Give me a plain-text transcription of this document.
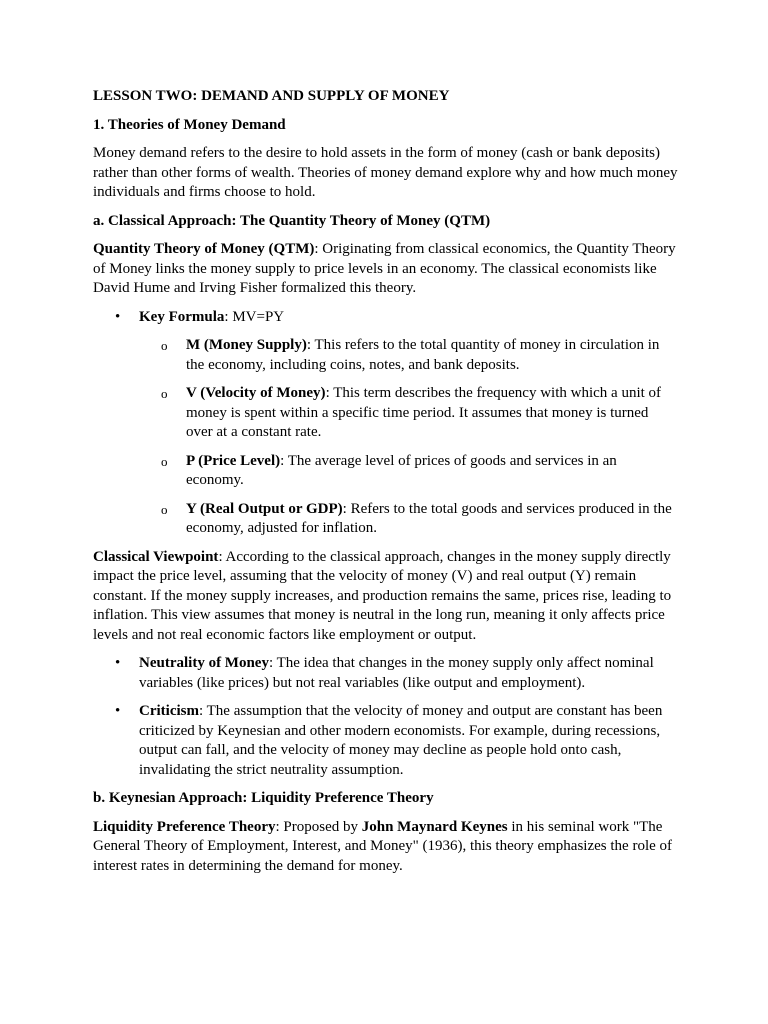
LESSON TWO: DEMAND AND SUPPLY OF MONEY
1. Theories of Money Demand

Money demand refers to the desire to hold assets in the form of money (cash or bank deposits) rather than other forms of wealth. Theories of money demand explore why and how much money individuals and firms choose to hold.

a. Classical Approach: The Quantity Theory of Money (QTM)

Quantity Theory of Money (QTM): Originating from classical economics, the Quantity Theory of Money links the money supply to price levels in an economy. The classical economists like David Hume and Irving Fisher formalized this theory.

• Key Formula: MV=PY
o M (Money Supply): This refers to the total quantity of money in circulation in the economy, including coins, notes, and bank deposits.
o V (Velocity of Money): This term describes the frequency with which a unit of money is spent within a specific time period. It assumes that money is turned over at a constant rate.
o P (Price Level): The average level of prices of goods and services in an economy.
o Y (Real Output or GDP): Refers to the total goods and services produced in the economy, adjusted for inflation.

Classical Viewpoint: According to the classical approach, changes in the money supply directly impact the price level, assuming that the velocity of money (V) and real output (Y) remain constant. If the money supply increases, and production remains the same, prices rise, leading to inflation. This view assumes that money is neutral in the long run, meaning it only affects price levels and not real economic factors like employment or output.

• Neutrality of Money: The idea that changes in the money supply only affect nominal variables (like prices) but not real variables (like output and employment).
• Criticism: The assumption that the velocity of money and output are constant has been criticized by Keynesian and other modern economists. For example, during recessions, output can fall, and the velocity of money may decline as people hold onto cash, invalidating the strict neutrality assumption.
b. Keynesian Approach: Liquidity Preference Theory

Liquidity Preference Theory: Proposed by John Maynard Keynes in his seminal work "The General Theory of Employment, Interest, and Money" (1936), this theory emphasizes the role of interest rates in determining the demand for money.
